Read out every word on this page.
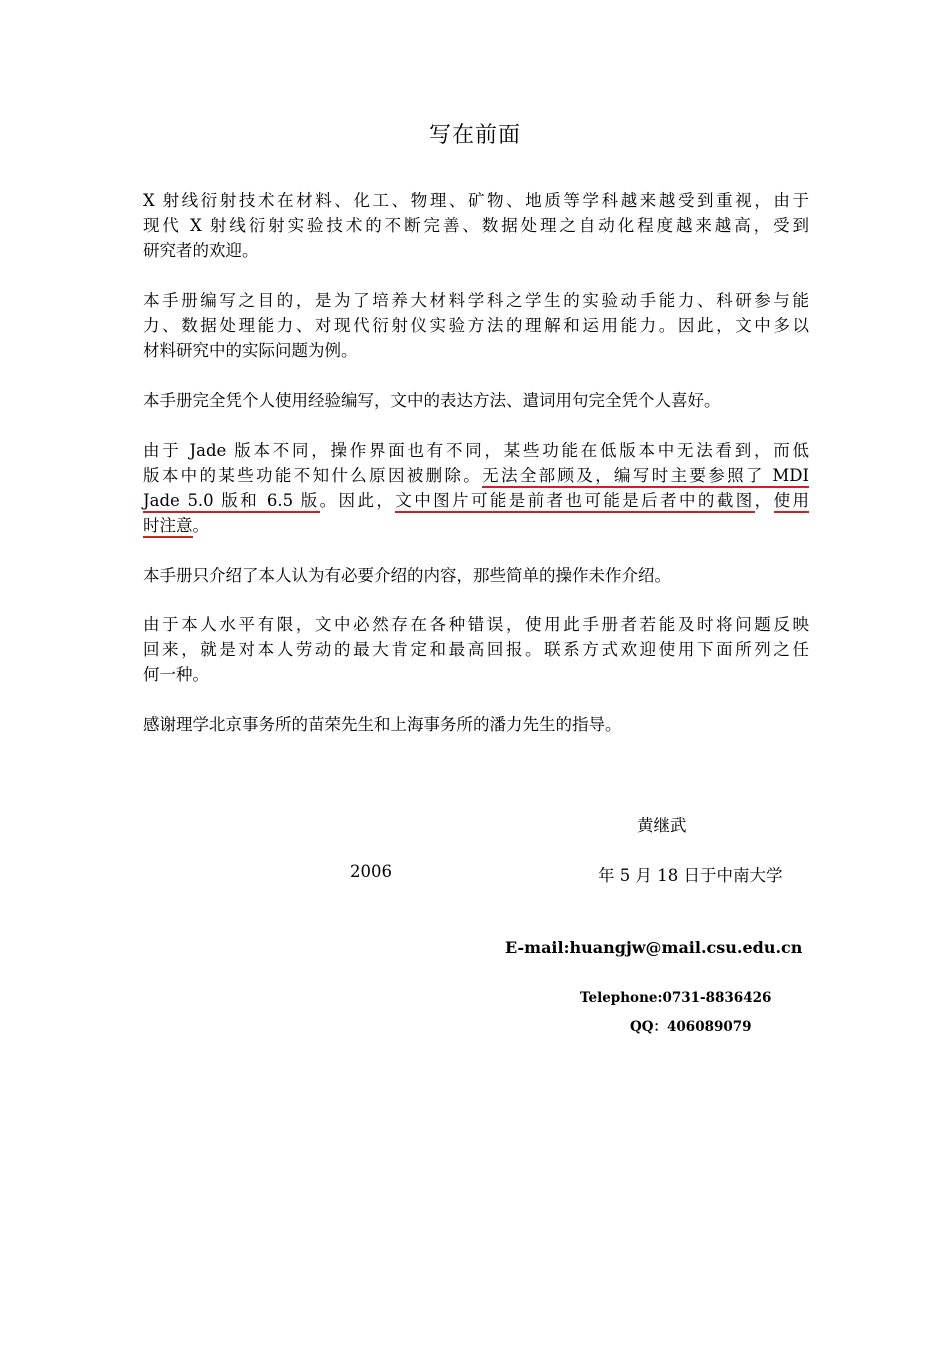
写在前面
X 射线衍射技术在材料、化工、物理、矿物、地质等学科越来越受到重视，由于
现代 X 射线衍射实验技术的不断完善、数据处理之自动化程度越来越高，受到
研究者的欢迎。
本手册编写之目的，是为了培养大材料学科之学生的实验动手能力、科研参与能
力、数据处理能力、对现代衍射仪实验方法的理解和运用能力。因此，文中多以
材料研究中的实际问题为例。
本手册完全凭个人使用经验编写，文中的表达方法、遣词用句完全凭个人喜好。
由于 Jade 版本不同，操作界面也有不同，某些功能在低版本中无法看到，而低
版本中的某些功能不知什么原因被删除。无法全部顾及，编写时主要参照了 MDI
Jade 5.0 版和 6.5 版。因此，文中图片可能是前者也可能是后者中的截图，使用
时注意。
本手册只介绍了本人认为有必要介绍的内容，那些简单的操作未作介绍。
由于本人水平有限，文中必然存在各种错误，使用此手册者若能及时将问题反映
回来，就是对本人劳动的最大肯定和最高回报。联系方式欢迎使用下面所列之任
何一种。
感谢理学北京事务所的苗荣先生和上海事务所的潘力先生的指导。
黄继武
2006	年 5 月 18 日于中南大学
E-mail:huangjw@mail.csu.edu.cn
Telephone:0731-8836426
QQ：406089079
